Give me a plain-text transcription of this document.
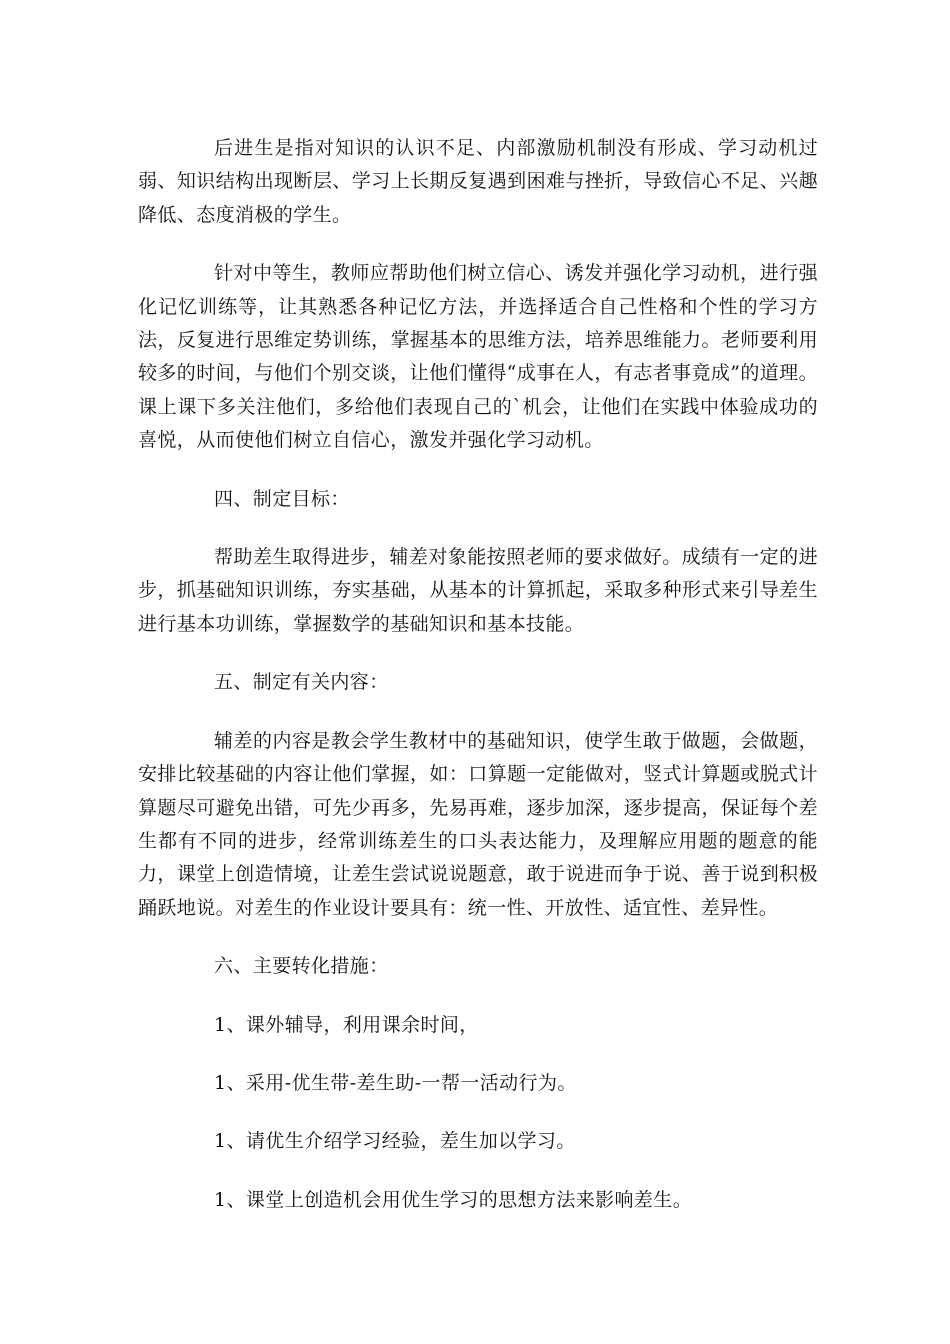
后进生是指对知识的认识不足、内部激励机制没有形成、学习动机过弱、知识结构出现断层、学习上长期反复遇到困难与挫折，导致信心不足、兴趣降低、态度消极的学生。

针对中等生，教师应帮助他们树立信心、诱发并强化学习动机，进行强化记忆训练等，让其熟悉各种记忆方法，并选择适合自己性格和个性的学习方法，反复进行思维定势训练，掌握基本的思维方法，培养思维能力。老师要利用较多的时间，与他们个别交谈，让他们懂得“成事在人，有志者事竟成”的道理。课上课下多关注他们，多给他们表现自己的`机会，让他们在实践中体验成功的喜悦，从而使他们树立自信心，激发并强化学习动机。

四、制定目标：

帮助差生取得进步，辅差对象能按照老师的要求做好。成绩有一定的进步，抓基础知识训练，夯实基础，从基本的计算抓起，采取多种形式来引导差生进行基本功训练，掌握数学的基础知识和基本技能。

五、制定有关内容：

辅差的内容是教会学生教材中的基础知识，使学生敢于做题，会做题，安排比较基础的内容让他们掌握，如：口算题一定能做对，竖式计算题或脱式计算题尽可避免出错，可先少再多，先易再难，逐步加深，逐步提高，保证每个差生都有不同的进步，经常训练差生的口头表达能力，及理解应用题的题意的能力，课堂上创造情境，让差生尝试说说题意，敢于说进而争于说、善于说到积极踊跃地说。对差生的作业设计要具有：统一性、开放性、适宜性、差异性。

六、主要转化措施：

1、课外辅导，利用课余时间，

1、采用-优生带-差生助-一帮一活动行为。

1、请优生介绍学习经验，差生加以学习。

1、课堂上创造机会用优生学习的思想方法来影响差生。
